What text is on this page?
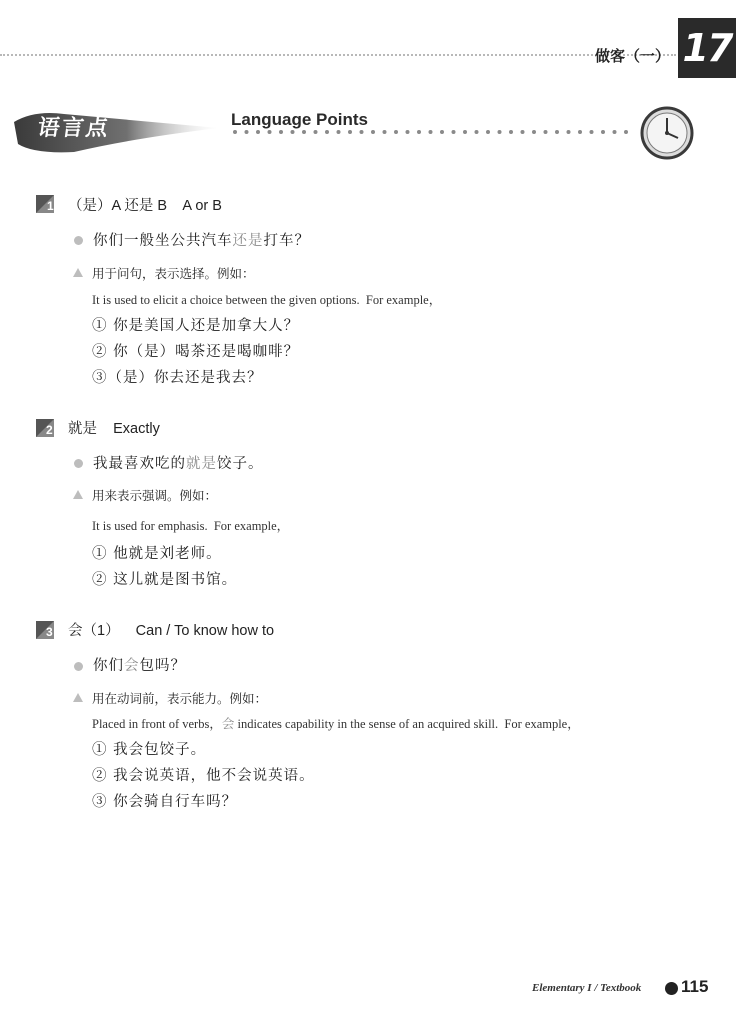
做客（一） 17
语言点	Language Points
1 （是）A 还是 B    A or B
你们一般坐公共汽车还是打车？
用于问句，表示选择。例如：
It is used to elicit a choice between the given options.  For example，
① 你是美国人还是加拿大人？
② 你（是）喝茶还是喝咖啡？
③（是）你去还是我去？
2 就是    Exactly
我最喜欢吃的就是饺子。
用来表示强调。例如：
It is used for emphasis.  For example，
① 他就是刘老师。
② 这儿就是图书馆。
3 会（1）    Can / To know how to
你们会包吗？
用在动词前，表示能力。例如：
Placed in front of verbs，会 indicates capability in the sense of an acquired skill.  For example，
① 我会包饺子。
② 我会说英语，他不会说英语。
③ 你会骑自行车吗？
Elementary I / Textbook 115
